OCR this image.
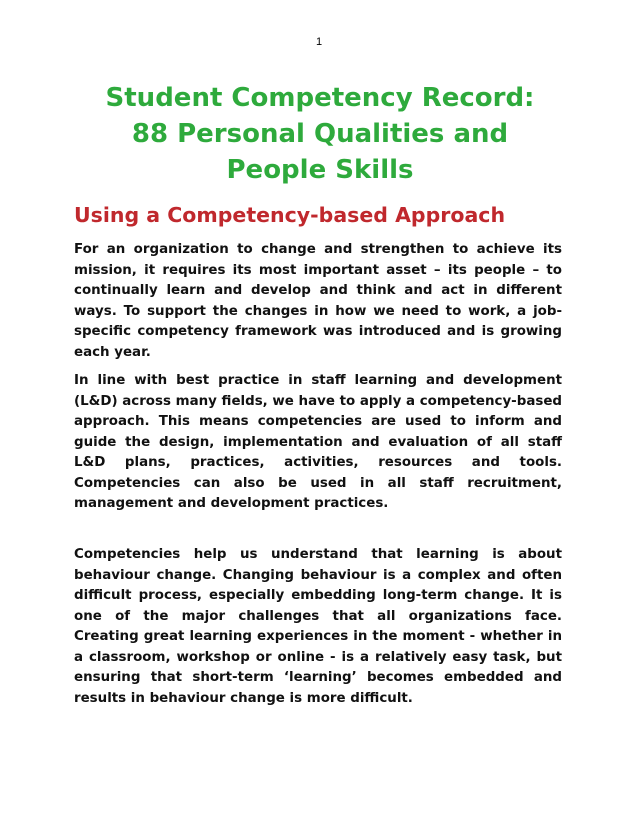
1
Student Competency Record:
88 Personal Qualities and
People Skills
Using a Competency-based Approach

For an organization to change and strengthen to achieve its mission, it requires its most important asset – its people – to continually learn and develop and think and act in different ways. To support the changes in how we need to work, a job-specific competency framework was introduced and is growing each year.

In line with best practice in staff learning and development (L&D) across many fields, we have to apply a competency-based approach. This means competencies are used to inform and guide the design, implementation and evaluation of all staff L&D plans, practices, activities, resources and tools. Competencies can also be used in all staff recruitment, management and development practices.

Competencies help us understand that learning is about behaviour change. Changing behaviour is a complex and often difficult process, especially embedding long-term change. It is one of the major challenges that all organizations face. Creating great learning experiences in the moment - whether in a classroom, workshop or online - is a relatively easy task, but ensuring that short-term ‘learning’ becomes embedded and results in behaviour change is more difficult.
